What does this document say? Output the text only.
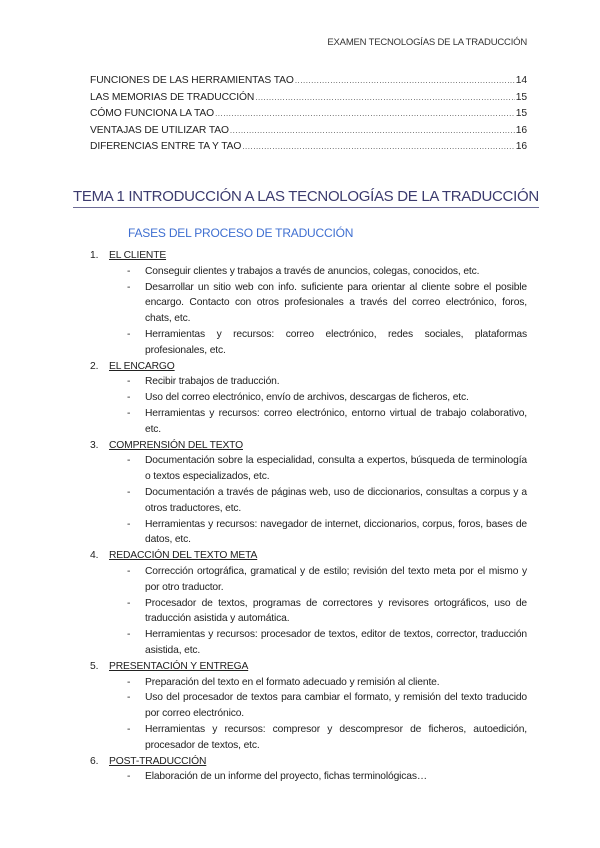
EXAMEN TECNOLOGÍAS DE LA TRADUCCIÓN
FUNCIONES DE LAS HERRAMIENTAS TAO .....	14
LAS MEMORIAS DE TRADUCCIÓN .....	15
CÓMO FUNCIONA LA TAO .....	15
VENTAJAS DE UTILIZAR TAO .....	16
DIFERENCIAS ENTRE TA Y TAO .....	16
TEMA 1 INTRODUCCIÓN A LAS TECNOLOGÍAS DE LA TRADUCCIÓN
FASES DEL PROCESO DE TRADUCCIÓN
1.	EL CLIENTE
- Conseguir clientes y trabajos a través de anuncios, colegas, conocidos, etc.
- Desarrollar un sitio web con info. suficiente para orientar al cliente sobre el posible encargo. Contacto con otros profesionales a través del correo electrónico, foros, chats, etc.
- Herramientas y recursos: correo electrónico, redes sociales, plataformas profesionales, etc.
2.	EL ENCARGO
- Recibir trabajos de traducción.
- Uso del correo electrónico, envío de archivos, descargas de ficheros, etc.
- Herramientas y recursos: correo electrónico, entorno virtual de trabajo colaborativo, etc.
3.	COMPRENSIÓN DEL TEXTO
- Documentación sobre la especialidad, consulta a expertos, búsqueda de terminología o textos especializados, etc.
- Documentación a través de páginas web, uso de diccionarios, consultas a corpus y a otros traductores, etc.
- Herramientas y recursos: navegador de internet, diccionarios, corpus, foros, bases de datos, etc.
4.	REDACCIÓN DEL TEXTO META
- Corrección ortográfica, gramatical y de estilo; revisión del texto meta por el mismo y por otro traductor.
- Procesador de textos, programas de correctores y revisores ortográficos, uso de traducción asistida y automática.
- Herramientas y recursos: procesador de textos, editor de textos, corrector, traducción asistida, etc.
5.	PRESENTACIÓN Y ENTREGA
- Preparación del texto en el formato adecuado y remisión al cliente.
- Uso del procesador de textos para cambiar el formato, y remisión del texto traducido por correo electrónico.
- Herramientas y recursos: compresor y descompresor de ficheros, autoedición, procesador de textos, etc.
6.	POST-TRADUCCIÓN
- Elaboración de un informe del proyecto, fichas terminológicas…
